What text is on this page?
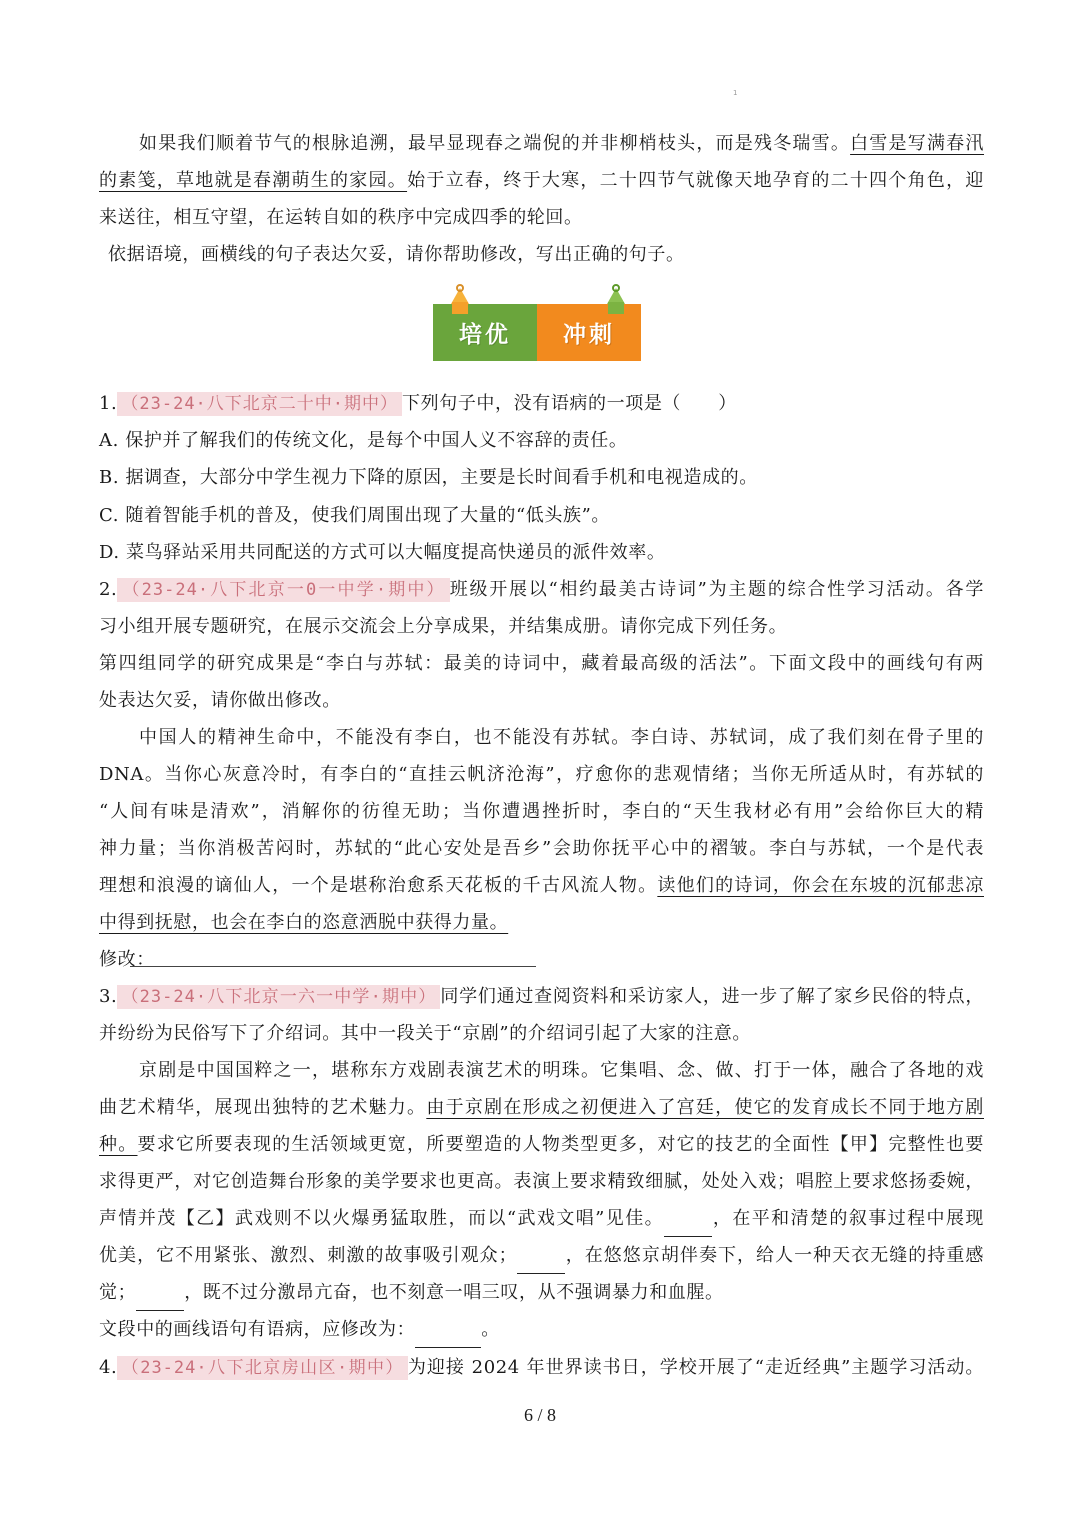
1
如果我们顺着节气的根脉追溯，最早显现春之端倪的并非柳梢枝头，而是残冬瑞雪。白雪是写满春汛
的素笺，草地就是春潮萌生的家园。始于立春，终于大寒，二十四节气就像天地孕育的二十四个角色，迎
来送往，相互守望，在运转自如的秩序中完成四季的轮回。
依据语境，画横线的句子表达欠妥，请你帮助修改，写出正确的句子。
培优 冲刺
1. （23-24·八下北京二十中·期中） 下列句子中，没有语病的一项是（　　）
A. 保护并了解我们的传统文化，是每个中国人义不容辞的责任。
B. 据调查，大部分中学生视力下降的原因，主要是长时间看手机和电视造成的。
C. 随着智能手机的普及，使我们周围出现了大量的“低头族”。
D. 菜鸟驿站采用共同配送的方式可以大幅度提高快递员的派件效率。
2. （23-24·八下北京一0一中学·期中） 班级开展以“相约最美古诗词”为主题的综合性学习活动。各学
习小组开展专题研究，在展示交流会上分享成果，并结集成册。请你完成下列任务。
第四组同学的研究成果是“李白与苏轼：最美的诗词中，藏着最高级的活法”。下面文段中的画线句有两
处表达欠妥，请你做出修改。
中国人的精神生命中，不能没有李白，也不能没有苏轼。李白诗、苏轼词，成了我们刻在骨子里的
DNA。当你心灰意冷时，有李白的“直挂云帆济沧海”，疗愈你的悲观情绪；当你无所适从时，有苏轼的
“人间有味是清欢”，消解你的彷徨无助；当你遭遇挫折时，李白的“天生我材必有用”会给你巨大的精
神力量；当你消极苦闷时，苏轼的“此心安处是吾乡”会助你抚平心中的褶皱。李白与苏轼，一个是代表
理想和浪漫的谪仙人，一个是堪称治愈系天花板的千古风流人物。读他们的诗词，你会在东坡的沉郁悲凉
中得到抚慰，也会在李白的恣意洒脱中获得力量。
修改：
3. （23-24·八下北京一六一中学·期中） 同学们通过查阅资料和采访家人，进一步了解了家乡民俗的特点，
并纷纷为民俗写下了介绍词。其中一段关于“京剧”的介绍词引起了大家的注意。
京剧是中国国粹之一，堪称东方戏剧表演艺术的明珠。它集唱、念、做、打于一体，融合了各地的戏
曲艺术精华，展现出独特的艺术魅力。由于京剧在形成之初便进入了宫廷，使它的发育成长不同于地方剧
种。要求它所要表现的生活领域更宽，所要塑造的人物类型更多，对它的技艺的全面性【甲】完整性也要
求得更严，对它创造舞台形象的美学要求也更高。表演上要求精致细腻，处处入戏；唱腔上要求悠扬委婉，
声情并茂【乙】武戏则不以火爆勇猛取胜，而以“武戏文唱”见佳。	，在平和清楚的叙事过程中展现
优美，它不用紧张、激烈、刺激的故事吸引观众；	，在悠悠京胡伴奏下，给人一种天衣无缝的持重感
觉；	，既不过分激昂亢奋，也不刻意一唱三叹，从不强调暴力和血腥。
文段中的画线语句有语病，应修改为：	。
4. （23-24·八下北京房山区·期中） 为迎接 2024 年世界读书日，学校开展了“走近经典”主题学习活动。
6 / 8
